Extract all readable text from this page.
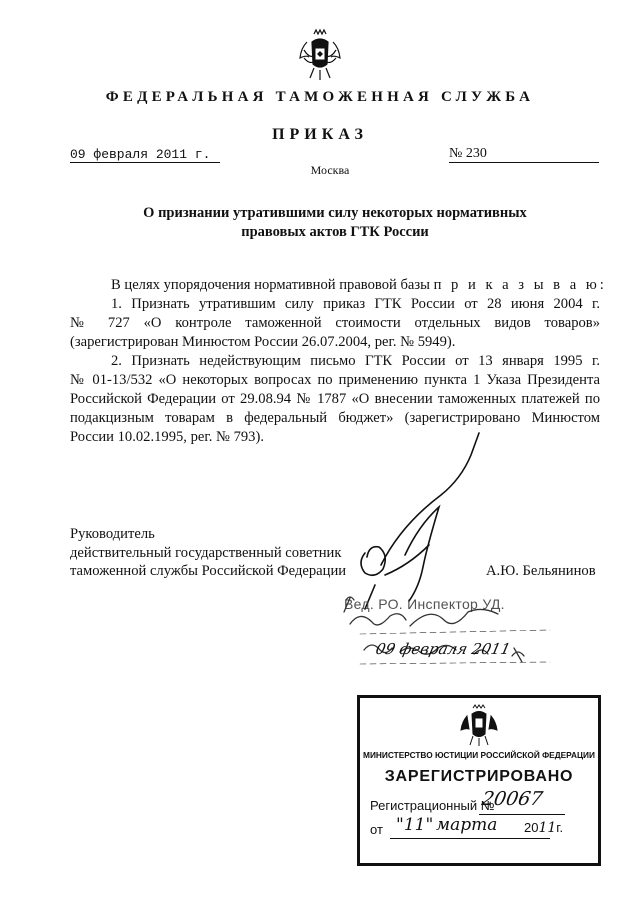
ФЕДЕРАЛЬНАЯ ТАМОЖЕННАЯ СЛУЖБА
ПРИКАЗ
09 февраля 2011 г.	№ 230
Москва
О признании утратившими силу некоторых нормативных
правовых актов ГТК России
В целях упорядочения нормативной правовой базы п р и к а з ы в а ю:
1. Признать утратившим силу приказ ГТК России от 28 июня 2004 г.
№ 727 «О контроле таможенной стоимости отдельных видов товаров»
(зарегистрирован Минюстом России 26.07.2004, рег. № 5949).
2. Признать недействующим письмо ГТК России от 13 января 1995 г.
№ 01-13/532 «О некоторых вопросах по применению пункта 1 Указа Президента
Российской Федерации от 29.08.94 № 1787 «О внесении таможенных платежей по
подакцизным товарам в федеральный бюджет» (зарегистрировано Минюстом
России 10.02.1995, рег. № 793).
Руководитель
действительный государственный советник
таможенной службы Российской Федерации	А.Ю. Бельянинов
Вед. РО. Инспектор УД.
09 февраля 2011
МИНИСТЕРСТВО ЮСТИЦИИ РОССИЙСКОЙ ФЕДЕРАЦИИ
ЗАРЕГИСТРИРОВАНО
Регистрационный №
20067
от "11" марта 2011г.
